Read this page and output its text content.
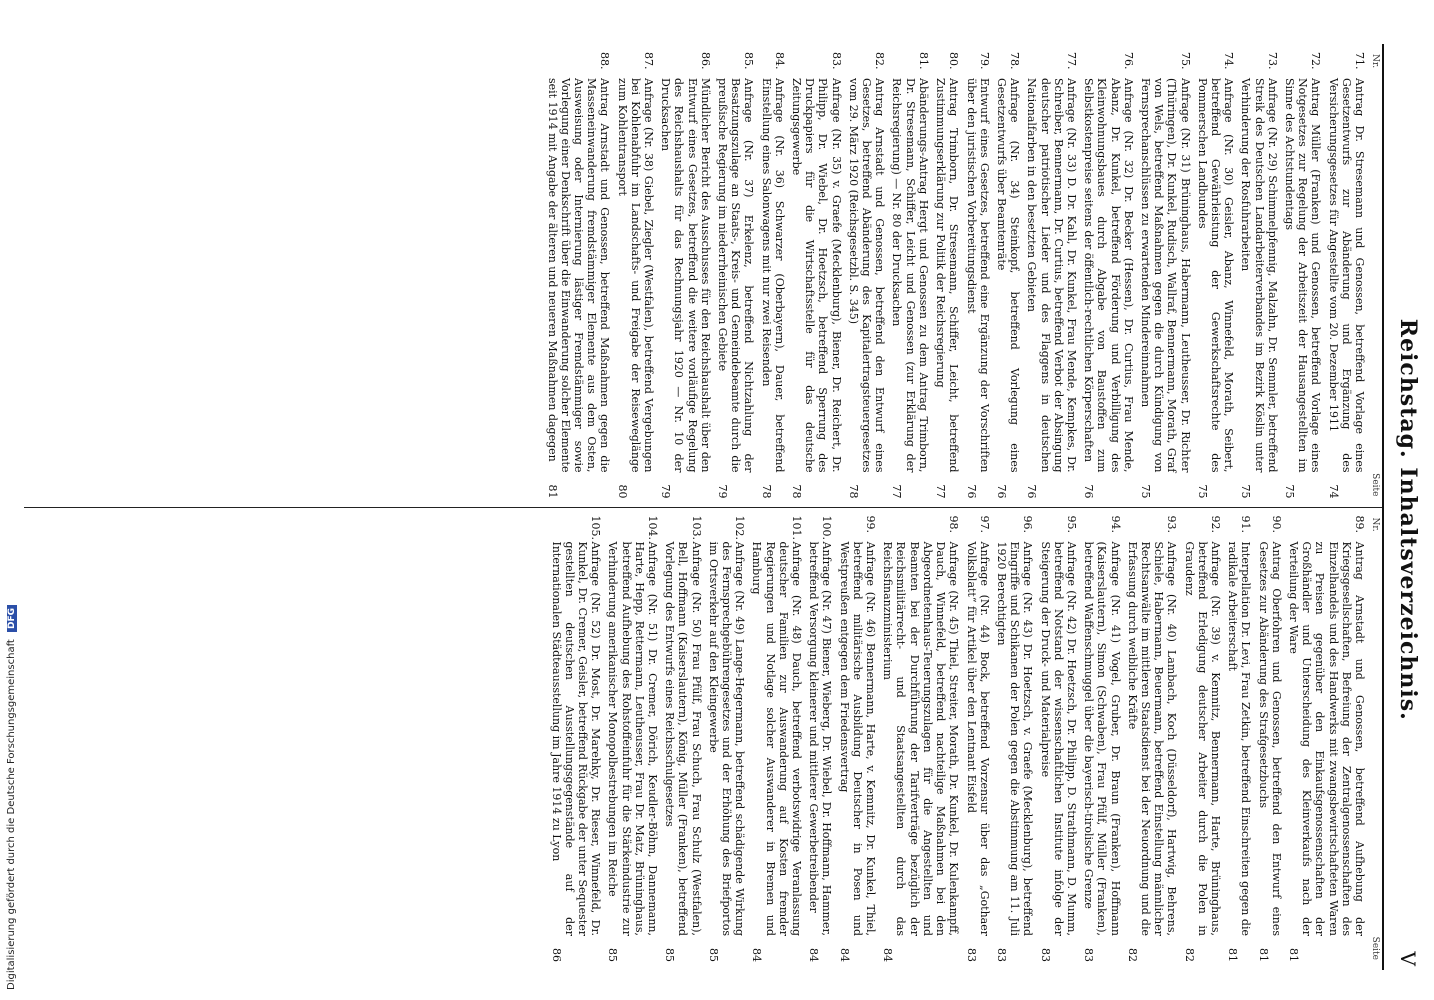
Reichstag. Inhaltsverzeichnis.
V
Nr.
Seite
71.
Antrag Dr. Stresemann und Genossen, betreffend Vorlage eines Gesetzentwurfs zur Abänderung und Ergänzung des Versicherungsgesetzes für Angestellte vom 20. Dezember 1911
74
72.
Antrag Müller (Franken) und Genossen, betreffend Vorlage eines Notgesetzes zur Regelung der Arbeitszeit der Hausangestellten im Sinne des Achtstundentags
75
73.
Anfrage (Nr. 29) Schimmelpfennig, Malzahn, Dr. Semmler, betreffend Streik des Deutschen Landarbeiterverbandes im Bezirk Köslin unter Verhinderung der Rosfuhrarbeiten
75
74.
Anfrage (Nr. 30) Geisler, Abanz, Winnefeld, Morath, Seibert, betreffend Gewährleistung der Gewerkschaftsrechte des Pommerschen Landbundes
75
75.
Anfrage (Nr. 31) Brüninghaus, Habermann, Leutheusser, Dr. Richter (Thüringen), Dr. Kunkel, Rudisch, Wallraf, Bennermann, Morath, Graf von Wels, betreffend Maßnahmen gegen die durch Kündigung von Fernsprechanschlüssen zu erwartenden Mindereinnahmen
75
76.
Anfrage (Nr. 32) Dr. Becker (Hessen), Dr. Curtius, Frau Mende, Abanz, Dr. Kunkel, betreffend Förderung und Verbilligung des Kleinwohnungsbaues durch Abgabe von Baustoffen zum Selbstkostenpreise seitens der öffentlich-rechtlichen Körperschaften
76
77.
Anfrage (Nr. 33) D. Dr. Kahl, Dr. Kunkel, Frau Mende, Kempkes, Dr. Schreiber, Bennermann, Dr. Curtius, betreffend Verbot der Absingung deutscher patriotischer Lieder und des Flaggens in deutschen Nationalfarben in den besetzten Gebieten
76
78.
Anfrage (Nr. 34) Steinkopf, betreffend Vorlegung eines Gesetzentwurfs über Beamtenräte
76
79.
Entwurf eines Gesetzes, betreffend eine Ergänzung der Vorschriften über den juristischen Vorbereitungsdienst
76
80.
Antrag Trimborn, Dr. Stresemann, Schiffer, Leicht, betreffend Zustimmungserklärung zur Politik der Reichsregierung
77
81.
Abänderungs-Antrag Hergt und Genossen zu dem Antrag Trimborn, Dr. Stresemann, Schiffer, Leicht und Genossen (zur Erklärung der Reichsregierung) — Nr. 80 der Drucksachen
77
82.
Antrag Arnstadt und Genossen, betreffend den Entwurf eines Gesetzes, betreffend Abänderung des Kapitalertragsteuergesetzes vom 29. März 1920 (Reichsgesetzbl. S. 345)
78
83.
Anfrage (Nr. 35) v. Graefe (Mecklenburg), Biener, Dr. Reichert, Dr. Philipp, Dr. Wiebel, Dr. Hoetzsch, betreffend Sperrung des Druckpapiers für die Wirtschaftsstelle für das deutsche Zeitungsgewerbe
78
84.
Anfrage (Nr. 36) Schwarzer (Oberbayern), Dauer, betreffend Einstellung eines Salonwagens mit nur zwei Reisenden
78
85.
Anfrage (Nr. 37) Erkelenz, betreffend Nichtzahlung der Besatzungszulage an Staats-, Kreis- und Gemeindebeamte durch die preußische Regierung im niederrheinischen Gebiete
79
86.
Mündlicher Bericht des Ausschusses für den Reichshaushalt über den Entwurf eines Gesetzes, betreffend die weitere vorläufige Regelung des Reichshaushalts für das Rechnungsjahr 1920 — Nr. 10 der Drucksachen
79
87.
Anfrage (Nr. 38) Giebel, Ziegler (Westfalen), betreffend Vergebungen bei Kohlenabfuhr im Landschafts- und Freigabe der Reiseweglänge zum Kohlentransport
80
88.
Antrag Arnstadt und Genossen, betreffend Maßnahmen gegen die Masseneinwanderung fremdstämmiger Elemente aus dem Osten, Ausweisung oder Internierung lästiger Fremdstämmiger sowie Vorlegung einer Denkschrift über die Einwanderung solcher Elemente seit 1914 mit Angabe der älteren und neueren Maßnahmen dagegen
81
Nr.
Seite
89.
Antrag Arnstadt und Genossen, betreffend Aufhebung der Kriegsgesellschaften, Befreiung der Zentralgenossenschaften des Einzelhandels und des Handwerks mit zwangsbewirtschafteten Waren zu Preisen gegenüber den Einkaufsgenossenschaften der Großhändler und Unterscheidung des Kleinverkaufs nach der Verteilung der Ware
81
90.
Antrag Oberfohren und Genossen, betreffend den Entwurf eines Gesetzes zur Abänderung des Strafgesetzbuchs
81
91.
Interpellation Dr. Levi, Frau Zetkin, betreffend Einschreiten gegen die radikale Arbeiterschaft
81
92.
Anfrage (Nr. 39) v. Kemnitz, Bennermann, Harte, Brüninghaus, betreffend Erledigung deutscher Arbeiter durch die Polen in Graudenz
82
93.
Anfrage (Nr. 40) Lambach, Koch (Düsseldorf), Hartwig, Behrens, Schiele, Habermann, Beuermann, betreffend Einstellung männlicher Rechtsanwälte im mittleren Staatsdienst bei der Neuordnung und die Erfassung durch weibliche Kräfte
82
94.
Anfrage (Nr. 41) Vogel, Gruber, Dr. Braun (Franken), Hoffmann (Kaiserslautern), Simon (Schwaben), Frau Pfülf, Müller (Franken), betreffend Waffenschmuggel über die bayerisch-tirolische Grenze
83
95.
Anfrage (Nr. 42) Dr. Hoetzsch, Dr. Philipp, D. Strathmann, D. Mumm, betreffend Notstand der wissenschaftlichen Institute infolge der Steigerung der Druck- und Materialpreise
83
96.
Anfrage (Nr. 43) Dr. Hoetzsch, v. Graefe (Mecklenburg), betreffend Eingriffe und Schikanen der Polen gegen die Abstimmung am 11. Juli 1920 Berechtigten
83
97.
Anfrage (Nr. 44) Bock, betreffend Vorzensur über das „Gothaer Volksblatt“ für Artikel über den Lentnant Eisfeld
83
98.
Anfrage (Nr. 45) Thiel, Streiter, Morath, Dr. Kunkel, Dr. Kulenkampff, Dauch, Winnefeld, betreffend nachteilige Maßnahmen bei den Abgeordnetenhaus-Teuerungszulagen für die Angestellten und Beamten bei der Durchführung der Tarifverträge bezüglich der Reichsmilitärrecht- und Staatsangestellten durch das Reichsfinanzministerium
84
99.
Anfrage (Nr. 46) Bennermann, Harte, v. Kemnitz, Dr. Kunkel, Thiel, betreffend militärische Ausbildung Deutscher in Posen und Westpreußen entgegen dem Friedensvertrag
84
100.
Anfrage (Nr. 47) Biener, Wieberg, Dr. Wiebel, Dr. Hoffmann, Hammer, betreffend Versorgung kleinerer und mittlerer Gewerbetreibender
84
101.
Anfrage (Nr. 48) Dauch, betreffend verbotswidrige Veranlassung deutscher Familien zur Auswanderung auf Kosten fremder Regierungen und Notlage solcher Auswanderer in Bremen und Hamburg
84
102.
Anfrage (Nr. 49) Lange-Hegermann, betreffend schädigende Wirkung des Fernsprechgebührengesetzes und der Erhöhung des Briefportos im Ortsverkehr auf den Kleingewerbe
85
103.
Anfrage (Nr. 50) Frau Pfülf, Frau Schuch, Frau Schulz (Westfalen), Bell, Hoffmann (Kaiserslautern), König, Müller (Franken), betreffend Vorlegung des Entwurfs eines Reichsschulgesetzes
85
104.
Anfrage (Nr. 51) Dr. Cremer, Dörich, Keudler-Böhm, Dannemann, Harte, Hepp, Rettermann, Leutheusser, Frau Dr. Matz, Brüninghaus, betreffend Aufhebung des Rohstoffeinfuhr für die Stärkeindustrie zur Verhinderung amerikanischer Monopolbestrebungen im Reiche
85
105.
Anfrage (Nr. 52) Dr. Most, Dr. Marehky, Dr. Rieser, Winnefeld, Dr. Kunkel, Dr. Cremer, Geisler, betreffend Rückgabe der unter Sequester gestellten deutschen Ausstellungsgegenstände auf der Internationalen Städteausstellung im Jahre 1914 zu Lyon
86
Digitalisierung gefördert durch die Deutsche Forschungsgemeinschaft DFG
